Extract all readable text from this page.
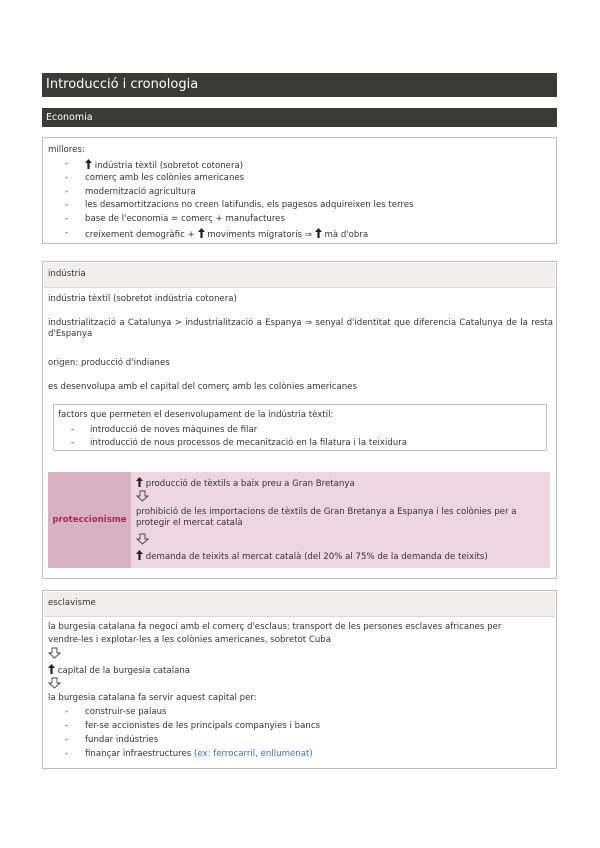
Introducció i cronologia
Economia
millores:
-	indústria tèxtil (sobretot cotonera)
- comerç amb les colònies americanes
- modernització agricultura
- les desamortitzacions no creen latifundis, els pagesos adquireixen les terres
- base de l'economia = comerç + manufactures
- creixement demogràfic + moviments migratoris ⇒ mà d'obra
indústria
indústria tèxtil (sobretot indústria cotonera)
industrialització a Catalunya > industrialització a Espanya ⇒ senyal d'identitat que diferencia Catalunya de la resta d'Espanya
origen: producció d'indianes
es desenvolupa amb el capital del comerç amb les colònies americanes
factors que permeten el desenvolupament de la indústria tèxtil:
- introducció de noves màquines de filar
- introducció de nous processos de mecanització en la filatura i la teixidura
proteccionisme
producció de tèxtils a baix preu a Gran Bretanya
prohibició de les importacions de tèxtils de Gran Bretanya a Espanya i les colònies per a protegir el mercat català
demanda de teixits al mercat català (del 20% al 75% de la demanda de teixits)
esclavisme
la burgesia catalana fa negoci amb el comerç d'esclaus: transport de les persones esclaves africanes per vendre-les i explotar-les a les colònies americanes, sobretot Cuba
capital de la burgesia catalana
la burgesia catalana fa servir aquest capital per:
- construir-se palaus
- fer-se accionistes de les principals companyies i bancs
- fundar indústries
- finançar infraestructures (ex: ferrocarril, enllumenat)
